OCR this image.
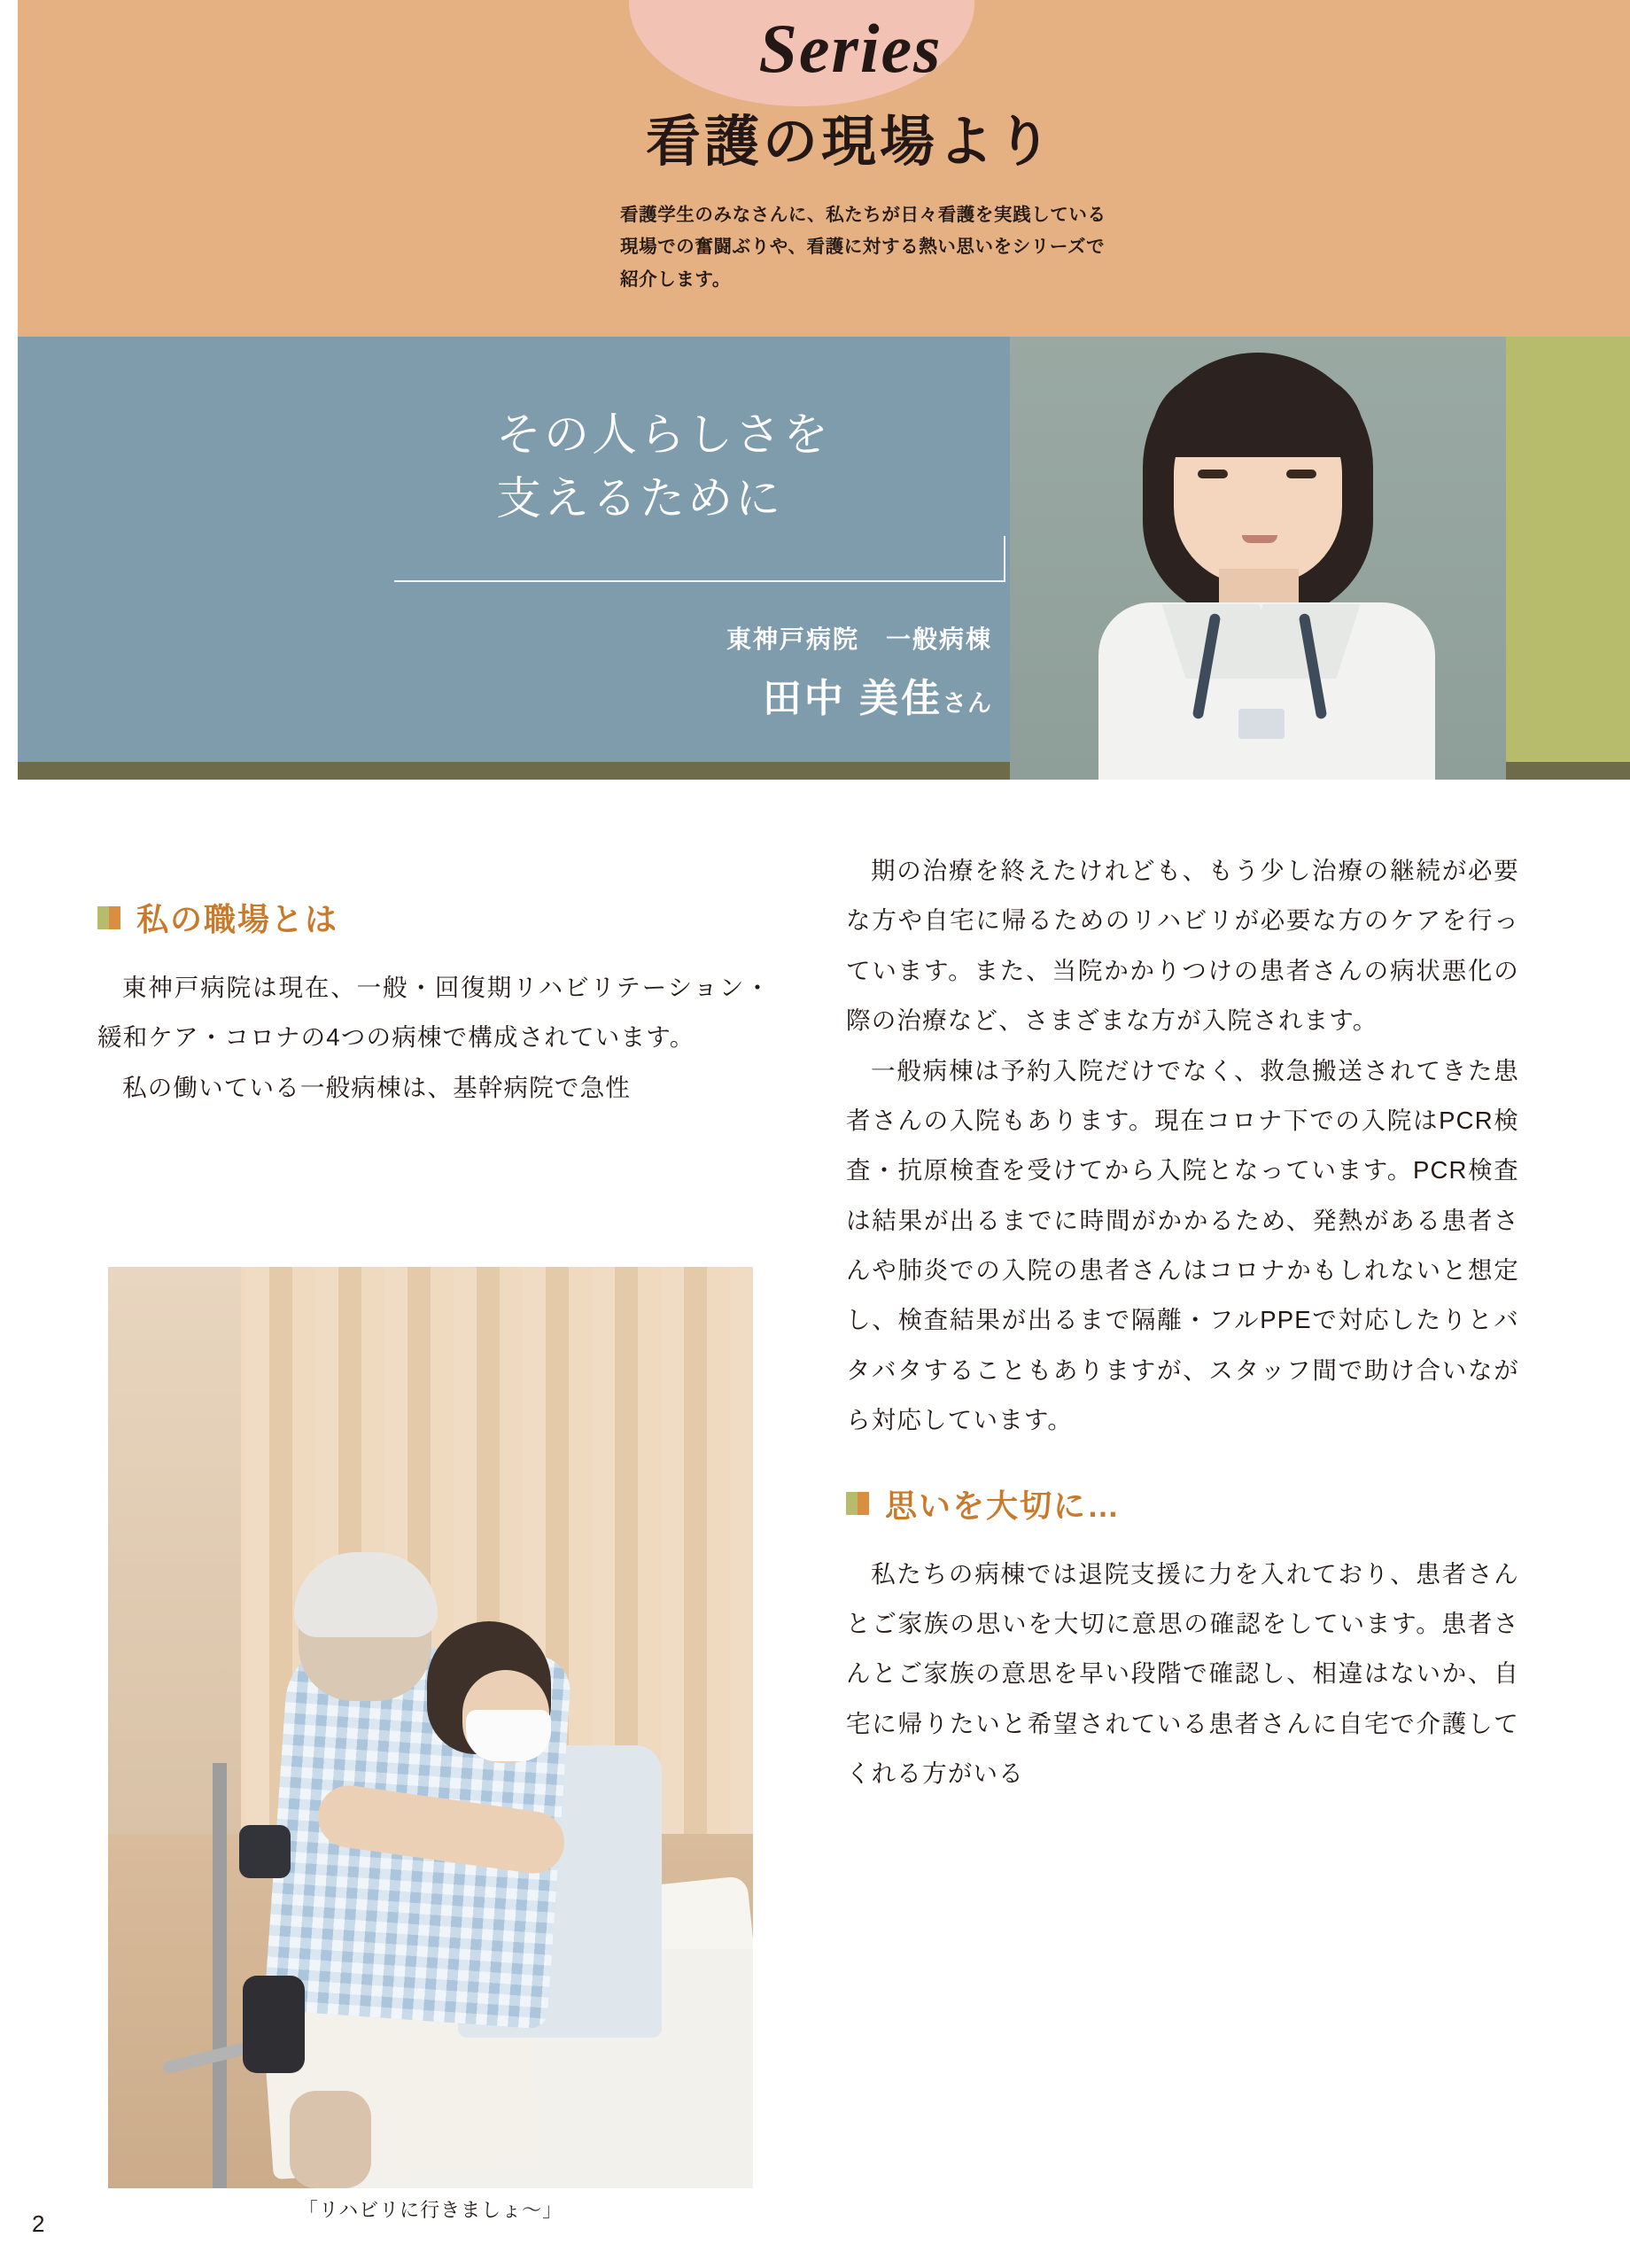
Series
看護の現場より
看護学生のみなさんに、私たちが日々看護を実践している現場での奮闘ぶりや、看護に対する熱い思いをシリーズで紹介します。
その人らしさを
支えるために
東神戸病院　一般病棟
田中 美佳さん
私の職場とは

東神戸病院は現在、一般・回復期リハビリテーション・緩和ケア・コロナの4つの病棟で構成されています。

私の働いている一般病棟は、基幹病院で急性

「リハビリに行きましょ～」

期の治療を終えたけれども、もう少し治療の継続が必要な方や自宅に帰るためのリハビリが必要な方のケアを行っています。また、当院かかりつけの患者さんの病状悪化の際の治療など、さまざまな方が入院されます。

一般病棟は予約入院だけでなく、救急搬送されてきた患者さんの入院もあります。現在コロナ下での入院はPCR検査・抗原検査を受けてから入院となっています。PCR検査は結果が出るまでに時間がかかるため、発熱がある患者さんや肺炎での入院の患者さんはコロナかもしれないと想定し、検査結果が出るまで隔離・フルPPEで対応したりとバタバタすることもありますが、スタッフ間で助け合いながら対応しています。

思いを大切に…

私たちの病棟では退院支援に力を入れており、患者さんとご家族の思いを大切に意思の確認をしています。患者さんとご家族の意思を早い段階で確認し、相違はないか、自宅に帰りたいと希望されている患者さんに自宅で介護してくれる方がいる

2
